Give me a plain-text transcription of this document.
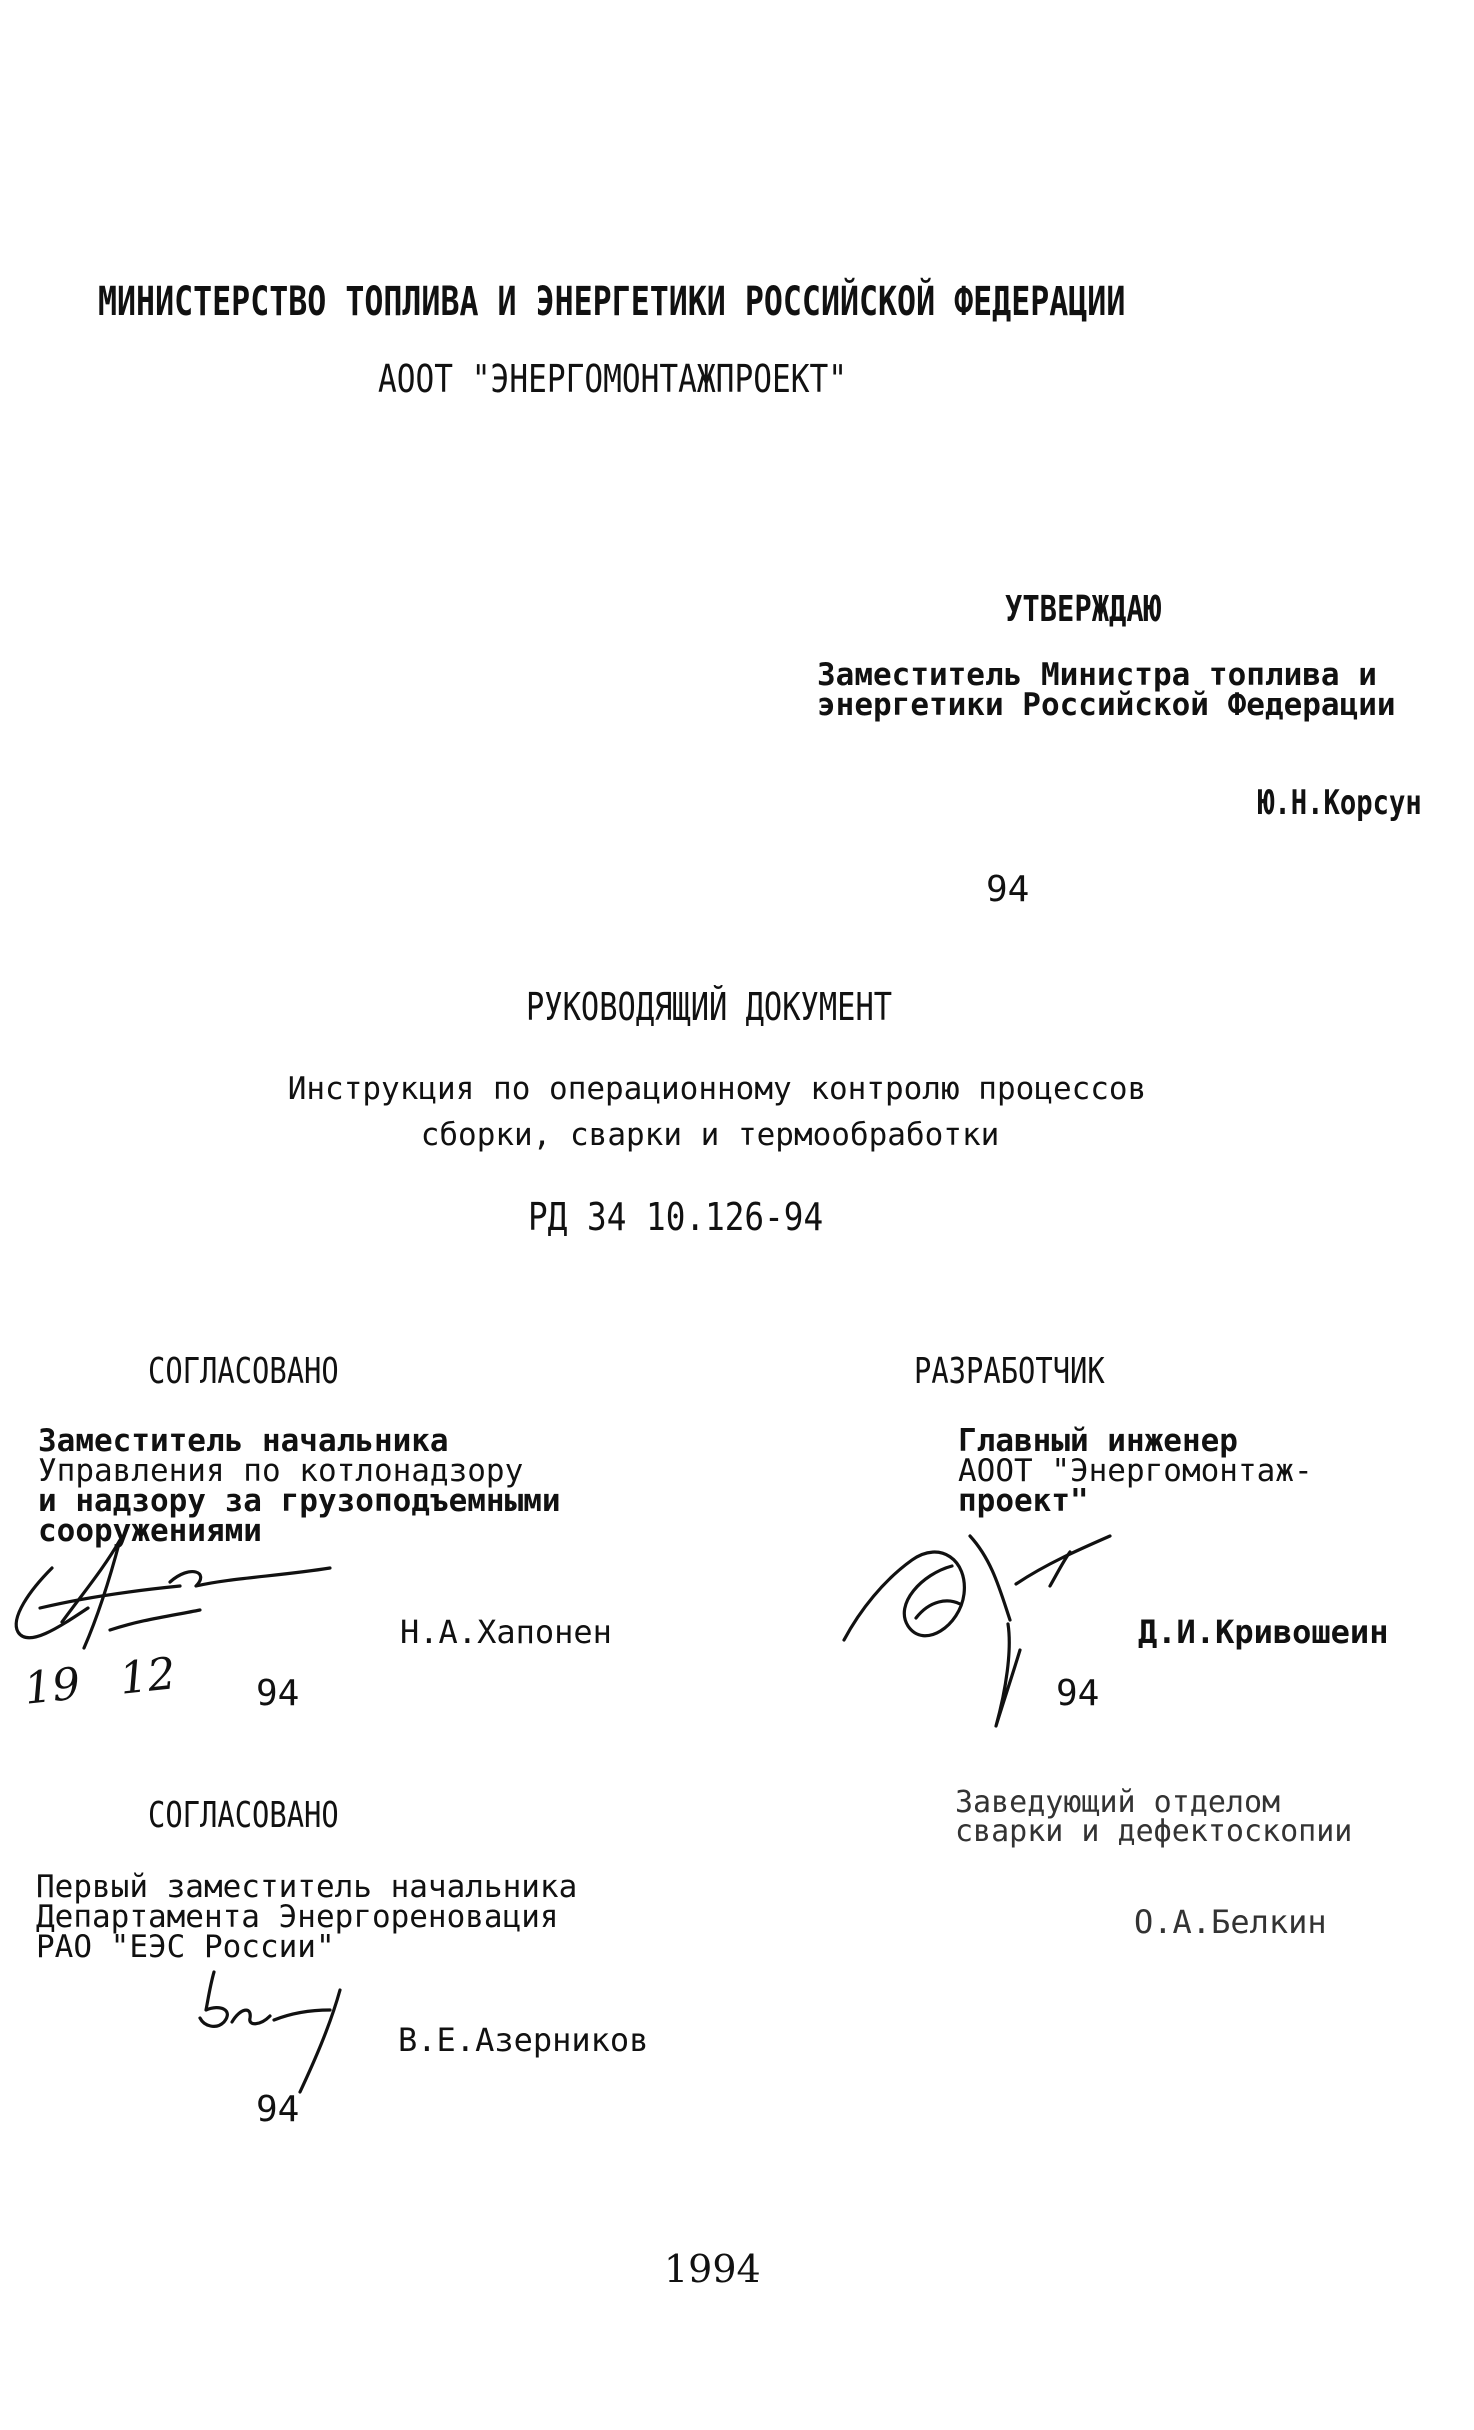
МИНИСТЕРСТВО ТОПЛИВА И ЭНЕРГЕТИКИ РОССИЙСКОЙ ФЕДЕРАЦИИ
АООТ "ЭНЕРГОМОНТАЖПРОЕКТ"
УТВЕРЖДАЮ
Заместитель Министра топлива и
энергетики Российской Федерации
Ю.Н.Корсун
94
РУКОВОДЯЩИЙ ДОКУМЕНТ
Инструкция по операционному контролю процессов
сборки, сварки и термообработки
РД 34 10.126-94
СОГЛАСОВАНО
Заместитель начальника
Управления по котлонадзору
и надзору за грузоподъемными
сооружениями
19 12
Н.А.Хапонен
94
РАЗРАБОТЧИК
Главный инженер
АООТ "Энергомонтаж-
проект"
Д.И.Кривошеин
94
Заведующий отделом
сварки и дефектоскопии
О.А.Белкин
СОГЛАСОВАНО
Первый заместитель начальника
Департамента Энергореновация
РАО "ЕЭС России"
В.Е.Азерников
94
1994
